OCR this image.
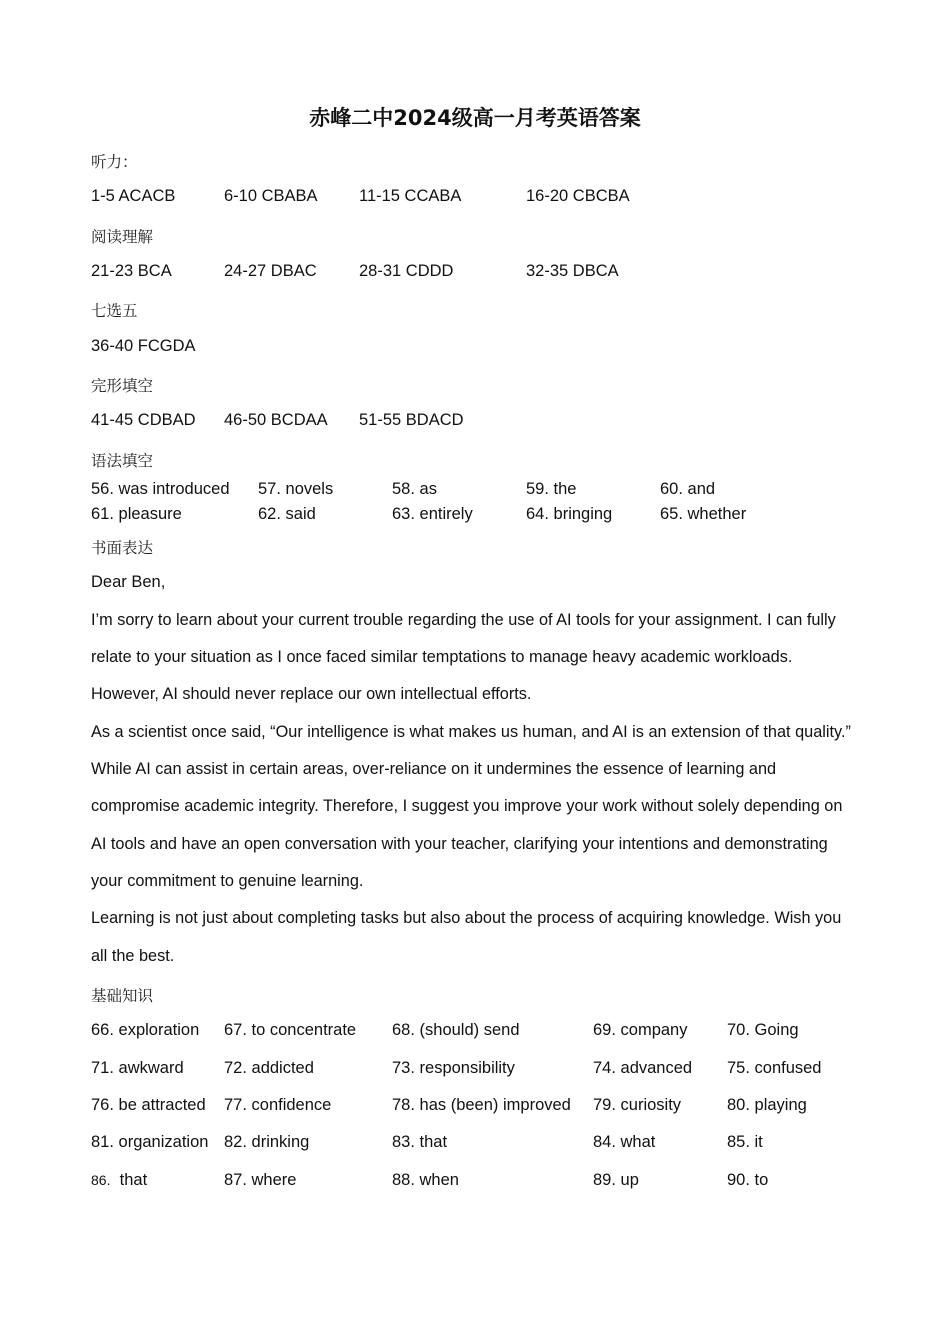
赤峰二中2024级高一月考英语答案
听力：
1-5 ACACB	6-10 CBABA	11-15 CCABA	16-20 CBCBA
阅读理解
21-23 BCA	24-27 DBAC	28-31 CDDD	32-35 DBCA
七选五
36-40 FCGDA
完形填空
41-45 CDBAD 46-50 BCDAA 51-55 BDACD
语法填空
56. was introduced 57. novels	58. as	59. the	60. and
61. pleasure	62. said	63. entirely	64. bringing	65. whether
书面表达
Dear Ben,
I’m sorry to learn about your current trouble regarding the use of AI tools for your assignment. I can fully
relate to your situation as I once faced similar temptations to manage heavy academic workloads.
However, AI should never replace our own intellectual efforts.
As a scientist once said, “Our intelligence is what makes us human, and AI is an extension of that quality.”
While AI can assist in certain areas, over-reliance on it undermines the essence of learning and
compromise academic integrity. Therefore, I suggest you improve your work without solely depending on
AI tools and have an open conversation with your teacher, clarifying your intentions and demonstrating
your commitment to genuine learning.
Learning is not just about completing tasks but also about the process of acquiring knowledge. Wish you
all the best.
基础知识
66. exploration 67. to concentrate 68. (should) send	69. company 70. Going
71. awkward 72. addicted	73. responsibility	74. advanced 75. confused
76. be attracted 77. confidence	78. has (been) improved 79. curiosity	80. playing
81. organization 82. drinking	83. that	84. what	85. it
86. that	87. where	88. when	89. up	90. to
